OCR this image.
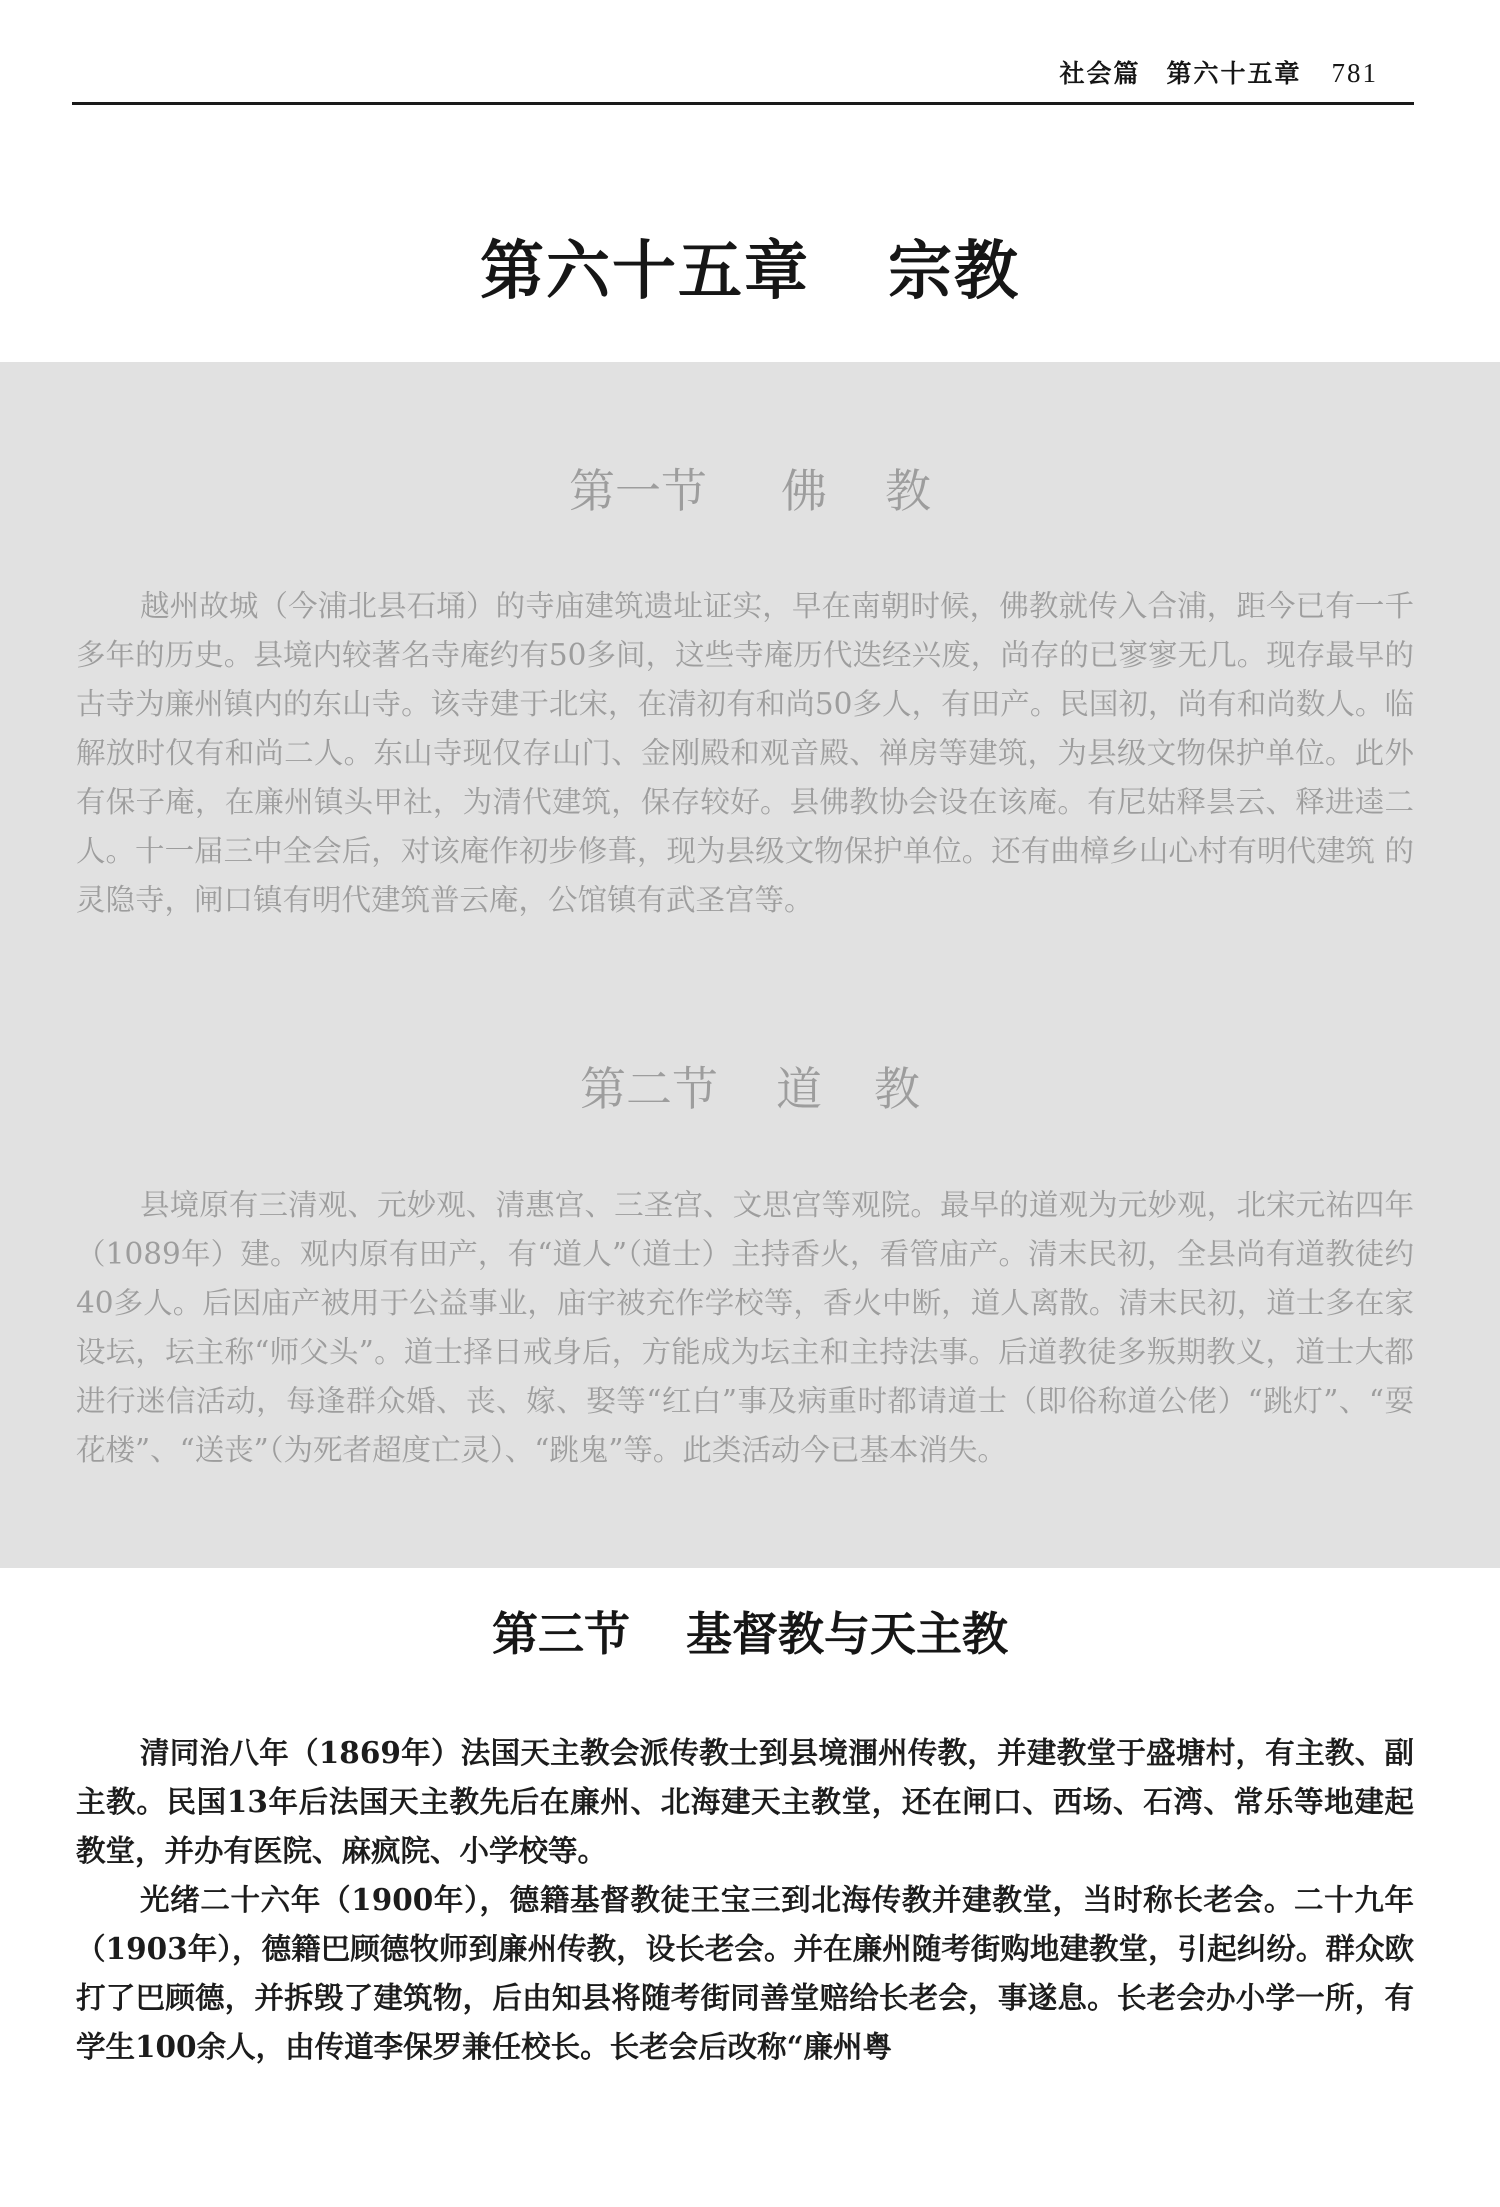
社会篇 第六十五章 781
第六十五章 宗教
第一节 佛 教

越州故城（今浦北县石埇）的寺庙建筑遗址证实，早在南朝时候，佛教就传入合浦，距今已有一千多年的历史。县境内较著名寺庵约有50多间，这些寺庵历代迭经兴废，尚存的已寥寥无几。现存最早的古寺为廉州镇内的东山寺。该寺建于北宋，在清初有和尚50多人，有田产。民国初，尚有和尚数人。临解放时仅有和尚二人。东山寺现仅存山门、金刚殿和观音殿、禅房等建筑，为县级文物保护单位。此外有保子庵，在廉州镇头甲社，为清代建筑，保存较好。县佛教协会设在该庵。有尼姑释昙云、释进逵二人。十一届三中全会后，对该庵作初步修葺，现为县级文物保护单位。还有曲樟乡山心村有明代建筑 的灵隐寺，闸口镇有明代建筑普云庵，公馆镇有武圣宫等。

第二节 道 教

县境原有三清观、元妙观、清惠宫、三圣宫、文思宫等观院。最早的道观为元妙观，北宋元祐四年（1089年）建。观内原有田产，有“道人”（道士）主持香火，看管庙产。清末民初，全县尚有道教徒约40多人。后因庙产被用于公益事业，庙宇被充作学校等，香火中断，道人离散。清末民初，道士多在家设坛，坛主称“师父头”。道士择日戒身后，方能成为坛主和主持法事。后道教徒多叛期教义，道士大都进行迷信活动，每逢群众婚、丧、嫁、娶等“红白”事及病重时都请道士（即俗称道公佬）“跳灯”、“耍花楼”、“送丧”（为死者超度亡灵）、“跳鬼”等。此类活动今已基本消失。

第三节 基督教与天主教

清同治八年（1869年）法国天主教会派传教士到县境涠州传教，并建教堂于盛塘村，有主教、副主教。民国13年后法国天主教先后在廉州、北海建天主教堂，还在闸口、西场、石湾、常乐等地建起教堂，并办有医院、麻疯院、小学校等。

光绪二十六年（1900年），德籍基督教徒王宝三到北海传教并建教堂，当时称长老会。二十九年（1903年），德籍巴顾德牧师到廉州传教，设长老会。并在廉州随考街购地建教堂，引起纠纷。群众欧打了巴顾德，并拆毁了建筑物，后由知县将随考街同善堂赔给长老会，事遂息。长老会办小学一所，有学生100余人，由传道李保罗兼任校长。长老会后改称“廉州粤
